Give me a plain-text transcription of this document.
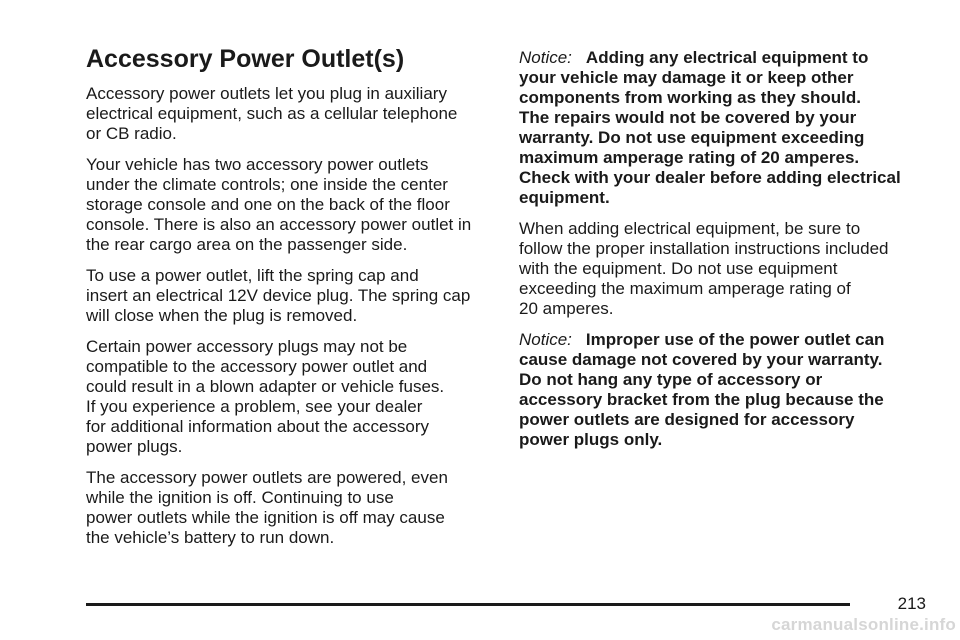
Accessory Power Outlet(s)

Accessory power outlets let you plug in auxiliary
electrical equipment, such as a cellular telephone
or CB radio.

Your vehicle has two accessory power outlets
under the climate controls; one inside the center
storage console and one on the back of the floor
console. There is also an accessory power outlet in
the rear cargo area on the passenger side.

To use a power outlet, lift the spring cap and
insert an electrical 12V device plug. The spring cap
will close when the plug is removed.

Certain power accessory plugs may not be
compatible to the accessory power outlet and
could result in a blown adapter or vehicle fuses.
If you experience a problem, see your dealer
for additional information about the accessory
power plugs.

The accessory power outlets are powered, even
while the ignition is off. Continuing to use
power outlets while the ignition is off may cause
the vehicle’s battery to run down.

Notice: Adding any electrical equipment to
your vehicle may damage it or keep other
components from working as they should.
The repairs would not be covered by your
warranty. Do not use equipment exceeding
maximum amperage rating of 20 amperes.
Check with your dealer before adding electrical
equipment.

When adding electrical equipment, be sure to
follow the proper installation instructions included
with the equipment. Do not use equipment
exceeding the maximum amperage rating of
20 amperes.

Notice: Improper use of the power outlet can
cause damage not covered by your warranty.
Do not hang any type of accessory or
accessory bracket from the plug because the
power outlets are designed for accessory
power plugs only.

213
carmanualsonline.info
